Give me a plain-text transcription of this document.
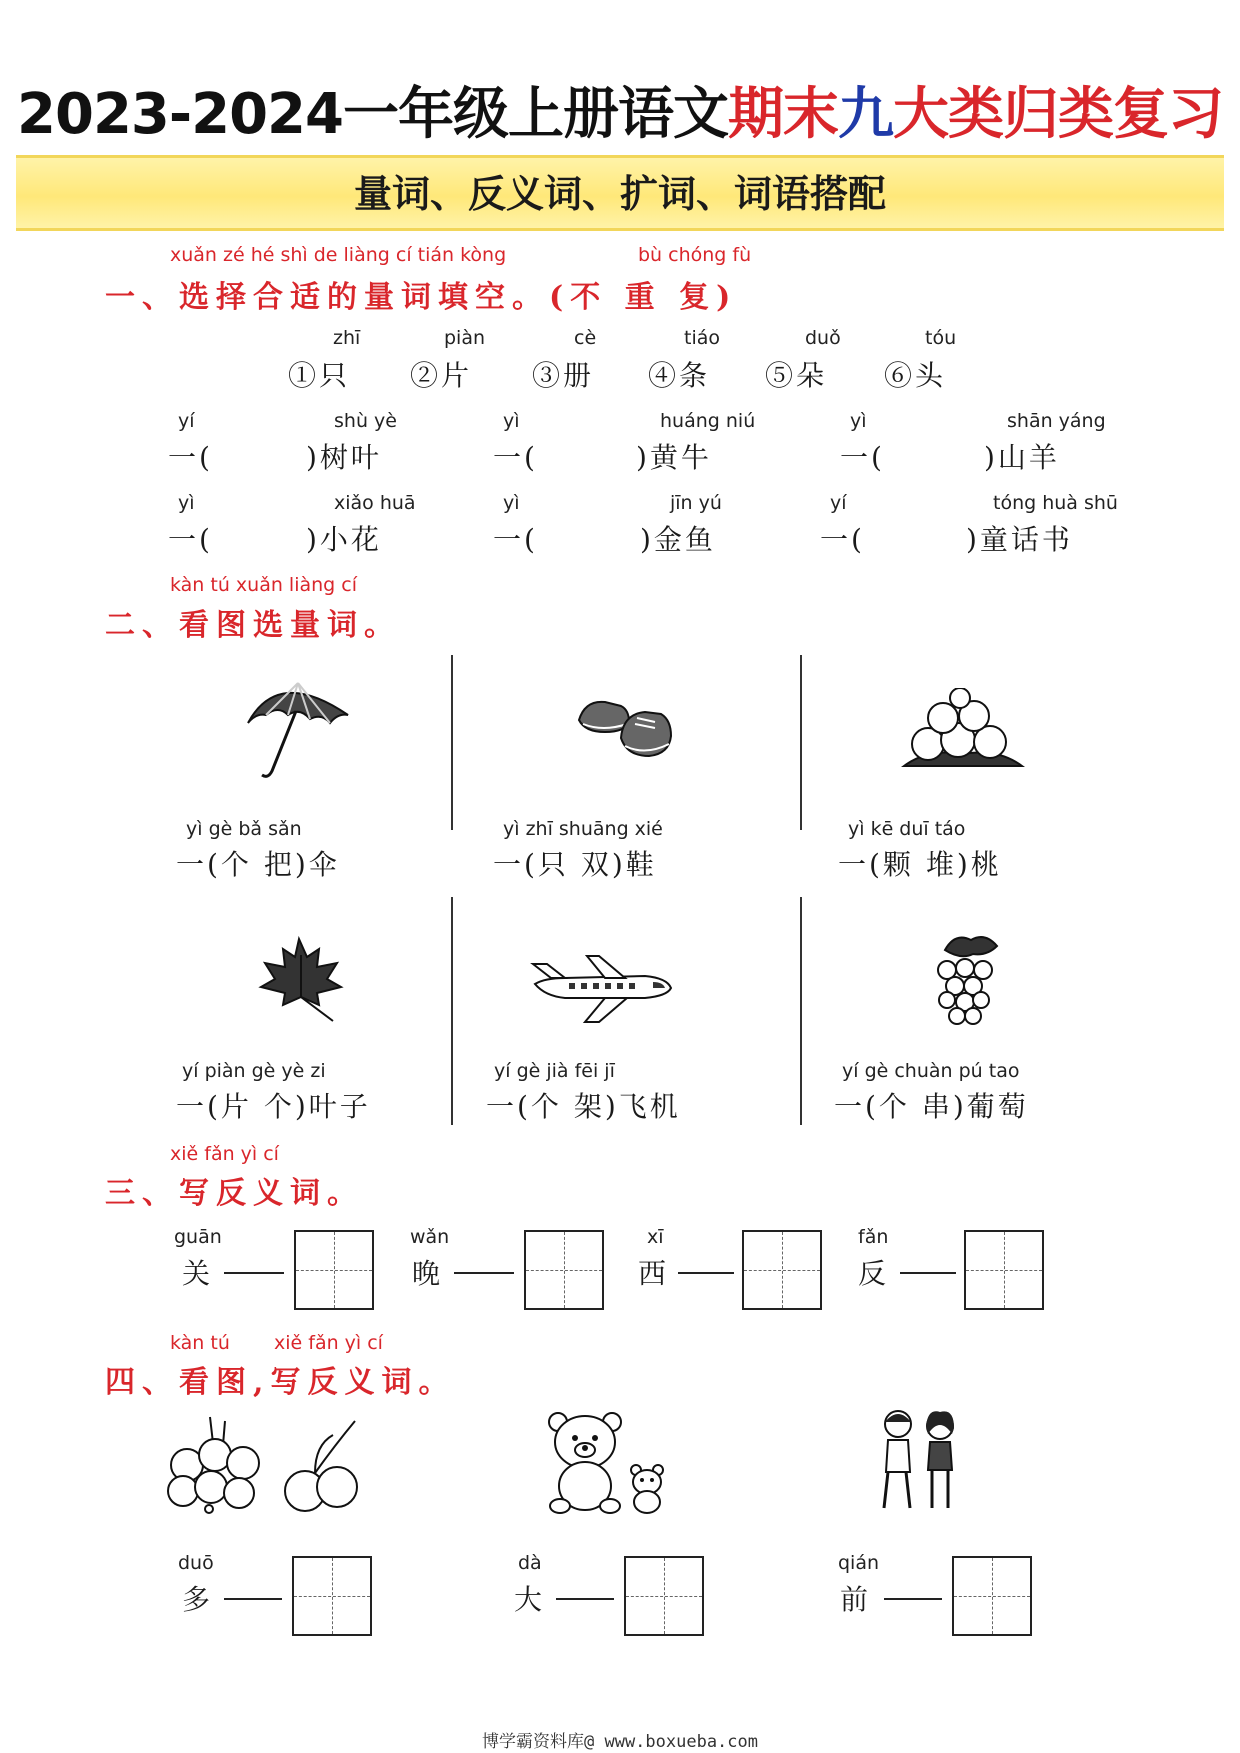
2023-2024一年级上册语文期末九大类归类复习
量词、反义词、扩词、词语搭配
xuǎn zé hé shì de liàng cí tián kòng	bù chóng fù
一、选择合适的量词填空。(不 重 复)
zhī	piàn	cè	tiáo	duǒ	tóu
①只 ②片 ③册 ④条 ⑤朵 ⑥头
yí	shù yè
一(	)树叶
yì	huáng niú
一(	)黄牛
yì	shān yáng
一(	)山羊
yì	xiǎo huā
一(	)小花
yì	jīn yú
一(	)金鱼
yí	tóng huà shū
一(	)童话书
kàn tú xuǎn liàng cí
二、看图选量词。
yì gè bǎ sǎn
一(个 把)伞
yì zhī shuāng xié
一(只 双)鞋
yì kē duī táo
一(颗 堆)桃
yí piàn gè yè zi
一(片 个)叶子
yí gè jià fēi jī
一(个 架)飞机
yí gè chuàn pú tao
一(个 串)葡萄
xiě fǎn yì cí
三、写反义词。
guān
关
wǎn
晚
xī
西
fǎn
反
kàn tú xiě fǎn yì cí
四、看图,写反义词。
duō
多
dà
大
qián
前
博学霸资料库@ www.boxueba.com
